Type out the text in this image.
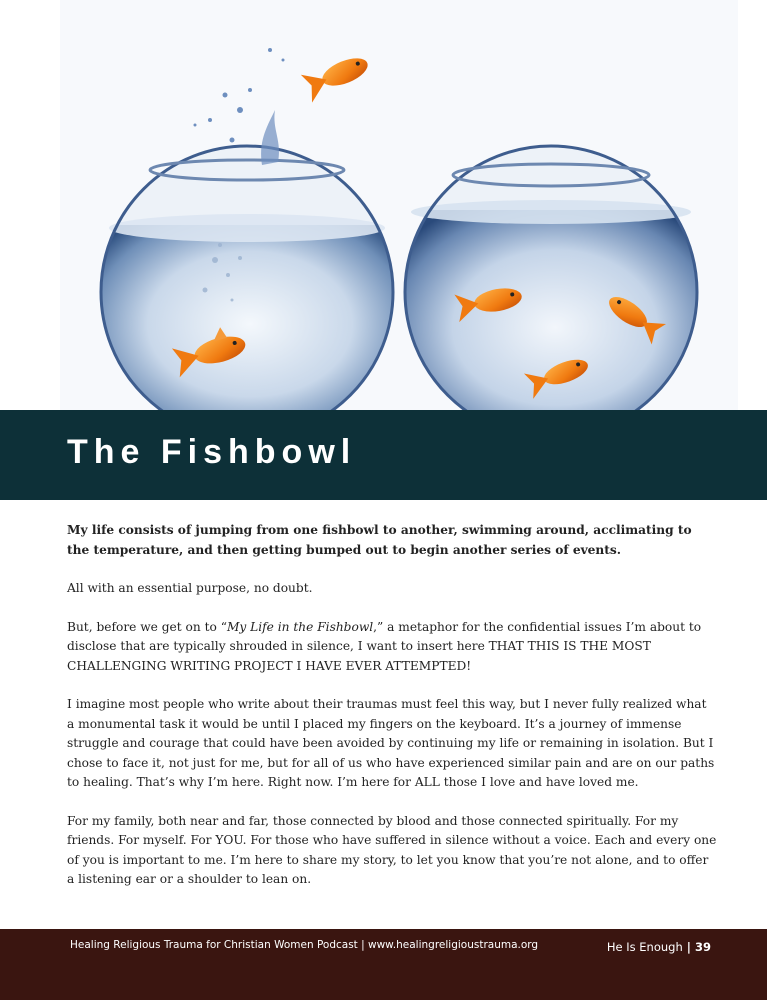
The Fishbowl

My life consists of jumping from one fishbowl to another, swimming around, acclimating to the temperature, and then getting bumped out to begin another series of events.

All with an essential purpose, no doubt.

But, before we get on to “My Life in the Fishbowl,” a metaphor for the confidential issues I’m about to disclose that are typically shrouded in silence, I want to insert here THAT THIS IS THE MOST CHALLENGING WRITING PROJECT I HAVE EVER ATTEMPTED!

I imagine most people who write about their traumas must feel this way, but I never fully realized what a monumental task it would be until I placed my fingers on the keyboard. It’s a journey of immense struggle and courage that could have been avoided by continuing my life or remaining in isolation. But I chose to face it, not just for me, but for all of us who have experienced similar pain and are on our paths to healing. That’s why I’m here. Right now. I’m here for ALL those I love and have loved me.

For my family, both near and far, those connected by blood and those connected spiritually. For my friends. For myself. For YOU. For those who have suffered in silence without a voice. Each and every one of you is important to me. I’m here to share my story, to let you know that you’re not alone, and to offer a listening ear or a shoulder to lean on.

Healing Religious Trauma for Christian Women Podcast | www.healingreligioustrauma.org	He Is Enough | 39
